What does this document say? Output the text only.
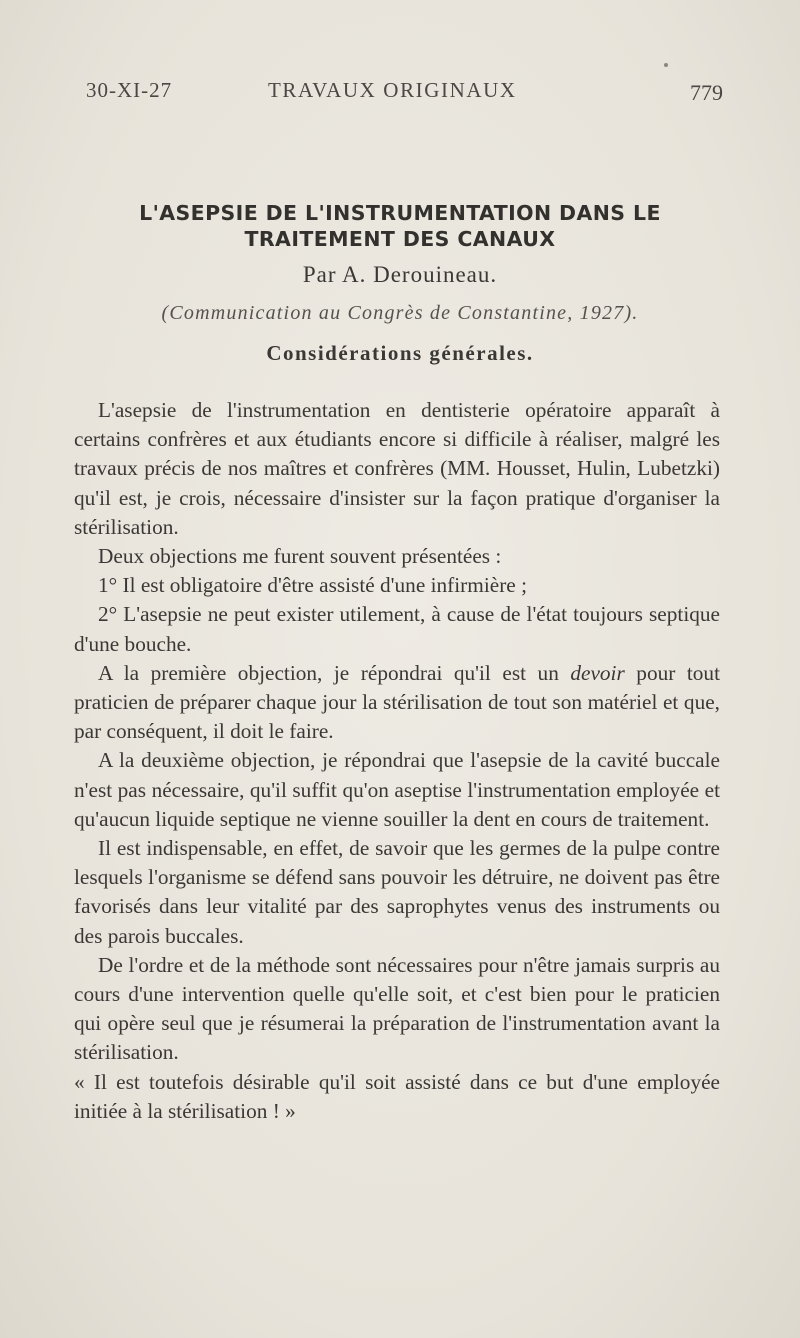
30-XI-27	TRAVAUX ORIGINAUX	779
L'ASEPSIE DE L'INSTRUMENTATION DANS LE
TRAITEMENT DES CANAUX

Par A. Derouineau.

(Communication au Congrès de Constantine, 1927).

Considérations générales.

L'asepsie de l'instrumentation en dentisterie opératoire apparaît à certains confrères et aux étudiants encore si difficile à réaliser, malgré les travaux précis de nos maîtres et confrères (MM. Housset, Hulin, Lubetzki) qu'il est, je crois, nécessaire d'insister sur la façon pratique d'organiser la stérilisation.

Deux objections me furent souvent présentées :

1° Il est obligatoire d'être assisté d'une infirmière ;

2° L'asepsie ne peut exister utilement, à cause de l'état toujours septique d'une bouche.

A la première objection, je répondrai qu'il est un devoir pour tout praticien de préparer chaque jour la stérilisation de tout son matériel et que, par conséquent, il doit le faire.

A la deuxième objection, je répondrai que l'asepsie de la cavité buccale n'est pas nécessaire, qu'il suffit qu'on aseptise l'instrumentation employée et qu'aucun liquide septique ne vienne souiller la dent en cours de traitement.

Il est indispensable, en effet, de savoir que les germes de la pulpe contre lesquels l'organisme se défend sans pouvoir les détruire, ne doivent pas être favorisés dans leur vitalité par des saprophytes venus des instruments ou des parois buccales.

De l'ordre et de la méthode sont nécessaires pour n'être jamais surpris au cours d'une intervention quelle qu'elle soit, et c'est bien pour le praticien qui opère seul que je résumerai la préparation de l'instrumentation avant la stérilisation.

« Il est toutefois désirable qu'il soit assisté dans ce but d'une employée initiée à la stérilisation ! »
